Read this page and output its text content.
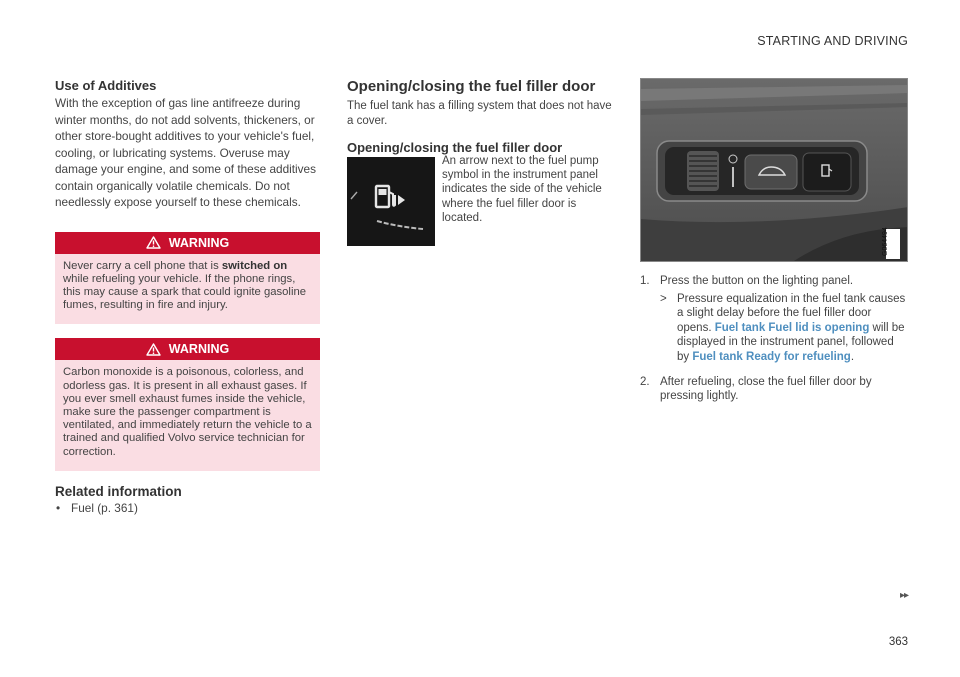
STARTING AND DRIVING
Use of Additives

With the exception of gas line antifreeze during winter months, do not add solvents, thickeners, or other store-bought additives to your vehicle's fuel, cooling, or lubricating systems. Overuse may damage your engine, and some of these additives contain organically volatile chemicals. Do not needlessly expose yourself to these chemicals.

WARNING
Never carry a cell phone that is switched on while refueling your vehicle. If the phone rings, this may cause a spark that could ignite gasoline fumes, resulting in fire and injury.
WARNING
Carbon monoxide is a poisonous, colorless, and odorless gas. It is present in all exhaust gases. If you ever smell exhaust fumes inside the vehicle, make sure the passenger compartment is ventilated, and immediately return the vehicle to a trained and qualified Volvo service technician for correction.
Related information
• Fuel (p. 361)
Opening/closing the fuel filler door

The fuel tank has a filling system that does not have a cover.

Opening/closing the fuel filler door
An arrow next to the fuel pump symbol in the instrument panel indicates the side of the vehicle where the fuel filler door is located.
G064494
1. Press the button on the lighting panel.
> Pressure equalization in the fuel tank causes a slight delay before the fuel filler door opens. Fuel tank Fuel lid is opening will be displayed in the instrument panel, followed by Fuel tank Ready for refueling.
2. After refueling, close the fuel filler door by pressing lightly.
▸▸
363
